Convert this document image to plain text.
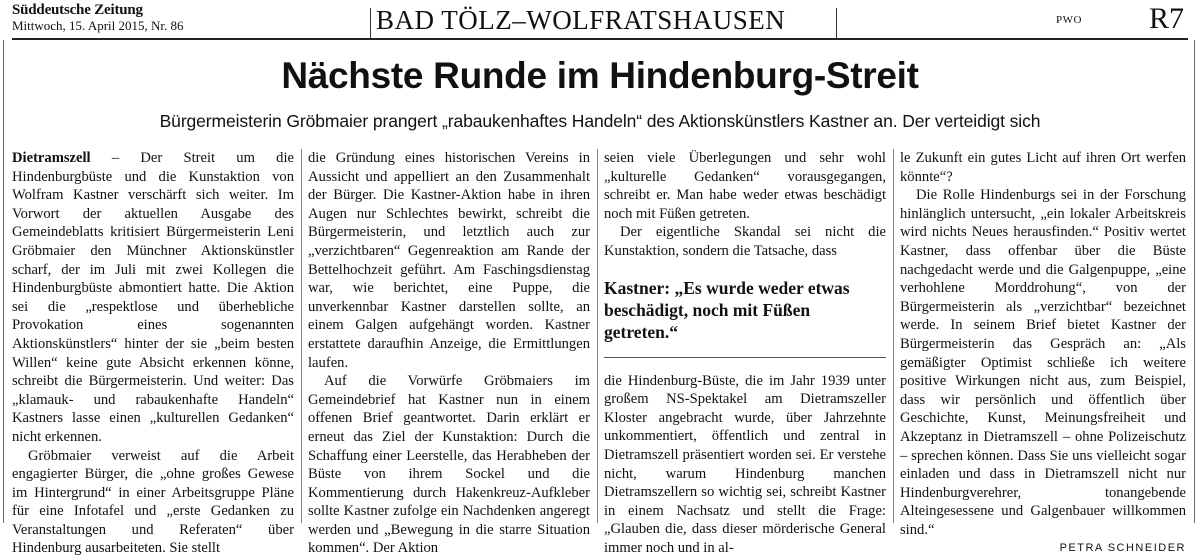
Süddeutsche Zeitung
Mittwoch, 15. April 2015, Nr. 86	BAD TÖLZ–WOLFRATSHAUSEN	PWO R7
Nächste Runde im Hindenburg-Streit
Bürgermeisterin Gröbmaier prangert „rabaukenhaftes Handeln“ des Aktionskünstlers Kastner an. Der verteidigt sich

Dietramszell – Der Streit um die Hindenburgbüste und die Kunstaktion von Wolfram Kastner verschärft sich weiter. Im Vorwort der aktuellen Ausgabe des Gemeindeblatts kritisiert Bürgermeisterin Leni Gröbmaier den Münchner Aktionskünstler scharf, der im Juli mit zwei Kollegen die Hindenburgbüste abmontiert hatte. Die Aktion sei die „respektlose und überhebliche Provokation eines sogenannten Aktionskünstlers“ hinter der sie „beim besten Willen“ keine gute Absicht erkennen könne, schreibt die Bürgermeisterin. Und weiter: Das „klamauk- und rabaukenhafte Handeln“ Kastners lasse einen „kulturellen Gedanken“ nicht erkennen.

Gröbmaier verweist auf die Arbeit engagierter Bürger, die „ohne großes Gewese im Hintergrund“ in einer Arbeitsgruppe Pläne für eine Infotafel und „erste Gedanken zu Veranstaltungen und Referaten“ über Hindenburg ausarbeiteten. Sie stellt

die Gründung eines historischen Vereins in Aussicht und appelliert an den Zusammenhalt der Bürger. Die Kastner-Aktion habe in ihren Augen nur Schlechtes bewirkt, schreibt die Bürgermeisterin, und letztlich auch zur „verzichtbaren“ Gegenreaktion am Rande der Bettelhochzeit geführt. Am Faschingsdienstag war, wie berichtet, eine Puppe, die unverkennbar Kastner darstellen sollte, an einem Galgen aufgehängt worden. Kastner erstattete daraufhin Anzeige, die Ermittlungen laufen.

Auf die Vorwürfe Gröbmaiers im Gemeindebrief hat Kastner nun in einem offenen Brief geantwortet. Darin erklärt er erneut das Ziel der Kunstaktion: Durch die Schaffung einer Leerstelle, das Herabheben der Büste von ihrem Sockel und die Kommentierung durch Hakenkreuz-Aufkleber sollte Kastner zufolge ein Nachdenken angeregt werden und „Bewegung in die starre Situation kommen“. Der Aktion

seien viele Überlegungen und sehr wohl „kulturelle Gedanken“ vorausgegangen, schreibt er. Man habe weder etwas beschädigt noch mit Füßen getreten.

Der eigentliche Skandal sei nicht die Kunstaktion, sondern die Tatsache, dass

Kastner: „Es wurde weder etwas beschädigt, noch mit Füßen getreten.“

die Hindenburg-Büste, die im Jahr 1939 unter großem NS-Spektakel am Dietramszeller Kloster angebracht wurde, über Jahrzehnte unkommentiert, öffentlich und zentral in Dietramszell präsentiert worden sei. Er verstehe nicht, warum Hindenburg manchen Dietramszellern so wichtig sei, schreibt Kastner in einem Nachsatz und stellt die Frage: „Glauben die, dass dieser mörderische General immer noch und in al-

le Zukunft ein gutes Licht auf ihren Ort werfen könnte“?

Die Rolle Hindenburgs sei in der Forschung hinlänglich untersucht, „ein lokaler Arbeitskreis wird nichts Neues herausfinden.“ Positiv wertet Kastner, dass offenbar über die Büste nachgedacht werde und die Galgenpuppe, „eine verhohlene Morddrohung“, von der Bürgermeisterin als „verzichtbar“ bezeichnet werde. In seinem Brief bietet Kastner der Bürgermeisterin das Gespräch an: „Als gemäßigter Optimist schließe ich weitere positive Wirkungen nicht aus, zum Beispiel, dass wir persönlich und öffentlich über Geschichte, Kunst, Meinungsfreiheit und Akzeptanz in Dietramszell – ohne Polizeischutz – sprechen können. Dass Sie uns vielleicht sogar einladen und dass in Dietramszell nicht nur Hindenburgverehrer, tonangebende Alteingesessene und Galgenbauer willkommen sind.“

PETRA SCHNEIDER
